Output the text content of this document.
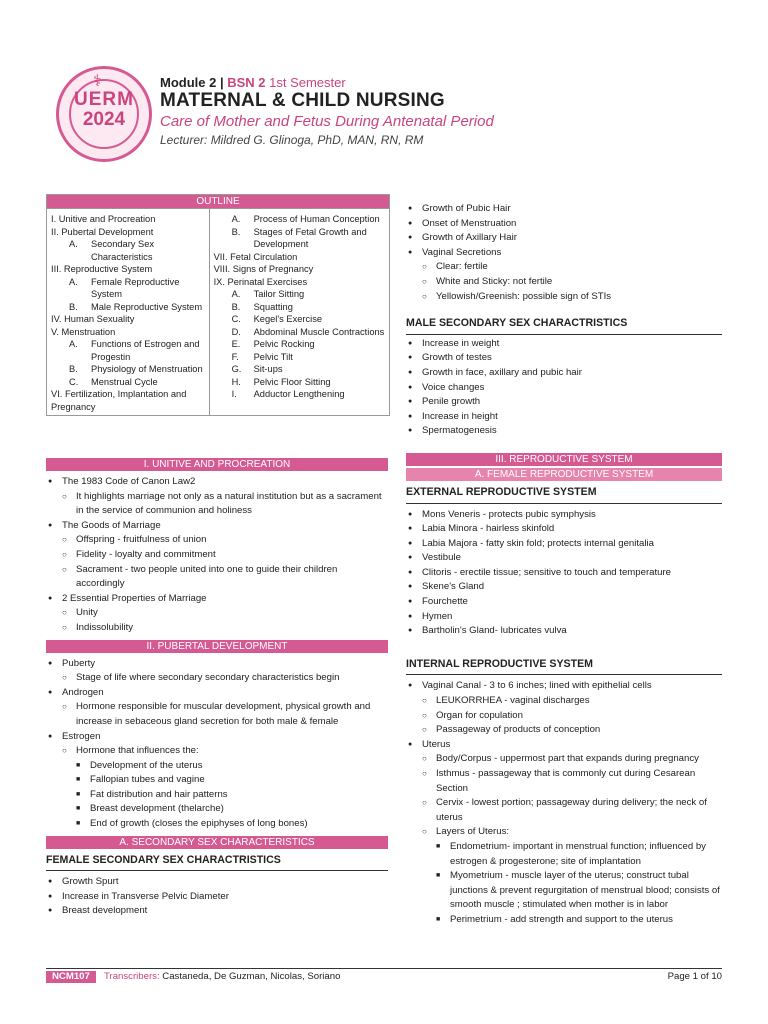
⚕
UERM
2024
Module 2 | BSN 2 1st Semester
MATERNAL & CHILD NURSING
Care of Mother and Fetus During Antenatal Period
Lecturer: Mildred G. Glinoga, PhD, MAN, RN, RM
OUTLINE
I. Unitive and Procreation
II. Pubertal Development
A. Secondary Sex Characteristics
III. Reproductive System
A. Female Reproductive System
B. Male Reproductive System
IV. Human Sexuality
V. Menstruation
A. Functions of Estrogen and Progestin
B. Physiology of Menstruation
C. Menstrual Cycle
VI. Fertilization, Implantation and Pregnancy
A. Process of Human Conception
B. Stages of Fetal Growth and Development
VII. Fetal Circulation
VIII. Signs of Pregnancy
IX. Perinatal Exercises
A. Tailor Sitting
B. Squatting
C. Kegel's Exercise
D. Abdominal Muscle Contractions
E. Pelvic Rocking
F. Pelvic Tilt
G. Sit-ups
H. Pelvic Floor Sitting
I. Adductor Lengthening
I. UNITIVE AND PROCREATION
● The 1983 Code of Canon Law2
○ It highlights marriage not only as a natural institution but as a sacrament in the service of communion and holiness
● The Goods of Marriage
○ Offspring - fruitfulness of union
○ Fidelity - loyalty and commitment
○ Sacrament - two people united into one to guide their children accordingly
● 2 Essential Properties of Marriage
○ Unity
○ Indissolubility
II. PUBERTAL DEVELOPMENT
● Puberty
○ Stage of life where secondary secondary characteristics begin
● Androgen
○ Hormone responsible for muscular development, physical growth and increase in sebaceous gland secretion for both male & female
● Estrogen
○ Hormone that influences the:
■ Development of the uterus
■ Fallopian tubes and vagine
■ Fat distribution and hair patterns
■ Breast development (thelarche)
■ End of growth (closes the epiphyses of long bones)
A. SECONDARY SEX CHARACTERISTICS
FEMALE SECONDARY SEX CHARACTRISTICS
● Growth Spurt
● Increase in Transverse Pelvic Diameter
● Breast development
● Growth of Pubic Hair
● Onset of Menstruation
● Growth of Axillary Hair
● Vaginal Secretions
○ Clear: fertile
○ White and Sticky: not fertile
○ Yellowish/Greenish: possible sign of STIs
MALE SECONDARY SEX CHARACTRISTICS
● Increase in weight
● Growth of testes
● Growth in face, axillary and pubic hair
● Voice changes
● Penile growth
● Increase in height
● Spermatogenesis
III. REPRODUCTIVE SYSTEM
A. FEMALE REPRODUCTIVE SYSTEM
EXTERNAL REPRODUCTIVE SYSTEM
● Mons Veneris - protects pubic symphysis
● Labia Minora - hairless skinfold
● Labia Majora - fatty skin fold; protects internal genitalia
● Vestibule
● Clitoris - erectile tissue; sensitive to touch and temperature
● Skene's Gland
● Fourchette
● Hymen
● Bartholin's Gland- lubricates vulva
INTERNAL REPRODUCTIVE SYSTEM
● Vaginal Canal - 3 to 6 inches; lined with epithelial cells
○ LEUKORRHEA - vaginal discharges
○ Organ for copulation
○ Passageway of products of conception
● Uterus
○ Body/Corpus - uppermost part that expands during pregnancy
○ Isthmus - passageway that is commonly cut during Cesarean Section
○ Cervix - lowest portion; passageway during delivery; the neck of uterus
○ Layers of Uterus:
■ Endometrium- important in menstrual function; influenced by estrogen & progesterone; site of implantation
■ Myometrium - muscle layer of the uterus; construct tubal junctions & prevent regurgitation of menstrual blood; consists of smooth muscle ; stimulated when mother is in labor
■ Perimetrium - add strength and support to the uterus
NCM107	Transcribers: Castaneda, De Guzman, Nicolas, Soriano	Page 1 of 10
